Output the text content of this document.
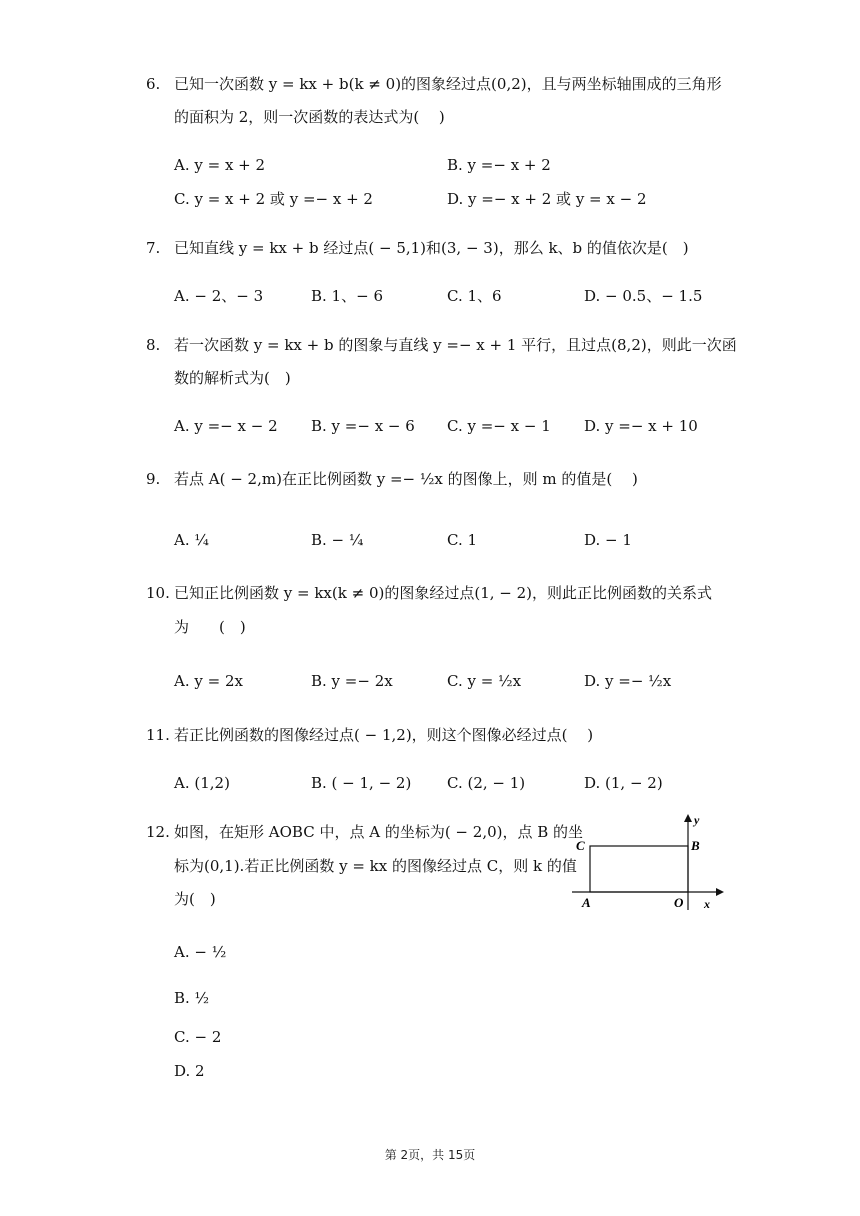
6. 已知一次函数 y = kx + b(k ≠ 0)的图象经过点(0,2)，且与两坐标轴围成的三角形
的面积为 2，则一次函数的表达式为(　 )
A. y = x + 2	B. y =− x + 2
C. y = x + 2 或 y =− x + 2	D. y =− x + 2 或 y = x − 2
7. 已知直线 y = kx + b 经过点( − 5,1)和(3, − 3)，那么 k、b 的值依次是(　)
A. − 2、− 3	B. 1、− 6	C. 1、6	D. − 0.5、− 1.5
8. 若一次函数 y = kx + b 的图象与直线 y =− x + 1 平行，且过点(8,2)，则此一次函
数的解析式为(　)
A. y =− x − 2 B. y =− x − 6 C. y =− x − 1 D. y =− x + 10
9. 若点 A( − 2,m)在正比例函数 y =− ½x 的图像上，则 m 的值是(　 )
A. ¼	B. − ¼	C. 1	D. − 1
10. 已知正比例函数 y = kx(k ≠ 0)的图象经过点(1, − 2)，则此正比例函数的关系式
为　　(　)
A. y = 2x	B. y =− 2x	C. y = ½x	D. y =− ½x
11. 若正比例函数的图像经过点( − 1,2)，则这个图像必经过点(　 )
A. (1,2)	B. ( − 1, − 2) C. (2, − 1)	D. (1, − 2)
12. 如图，在矩形 AOBC 中，点 A 的坐标为( − 2,0)，点 B 的坐
标为(0,1).若正比例函数 y = kx 的图像经过点 C，则 k 的值
为(　)
A. − ½
B. ½
C. − 2
D. 2
y
x
C	B
A	O
第 2页，共 15页
